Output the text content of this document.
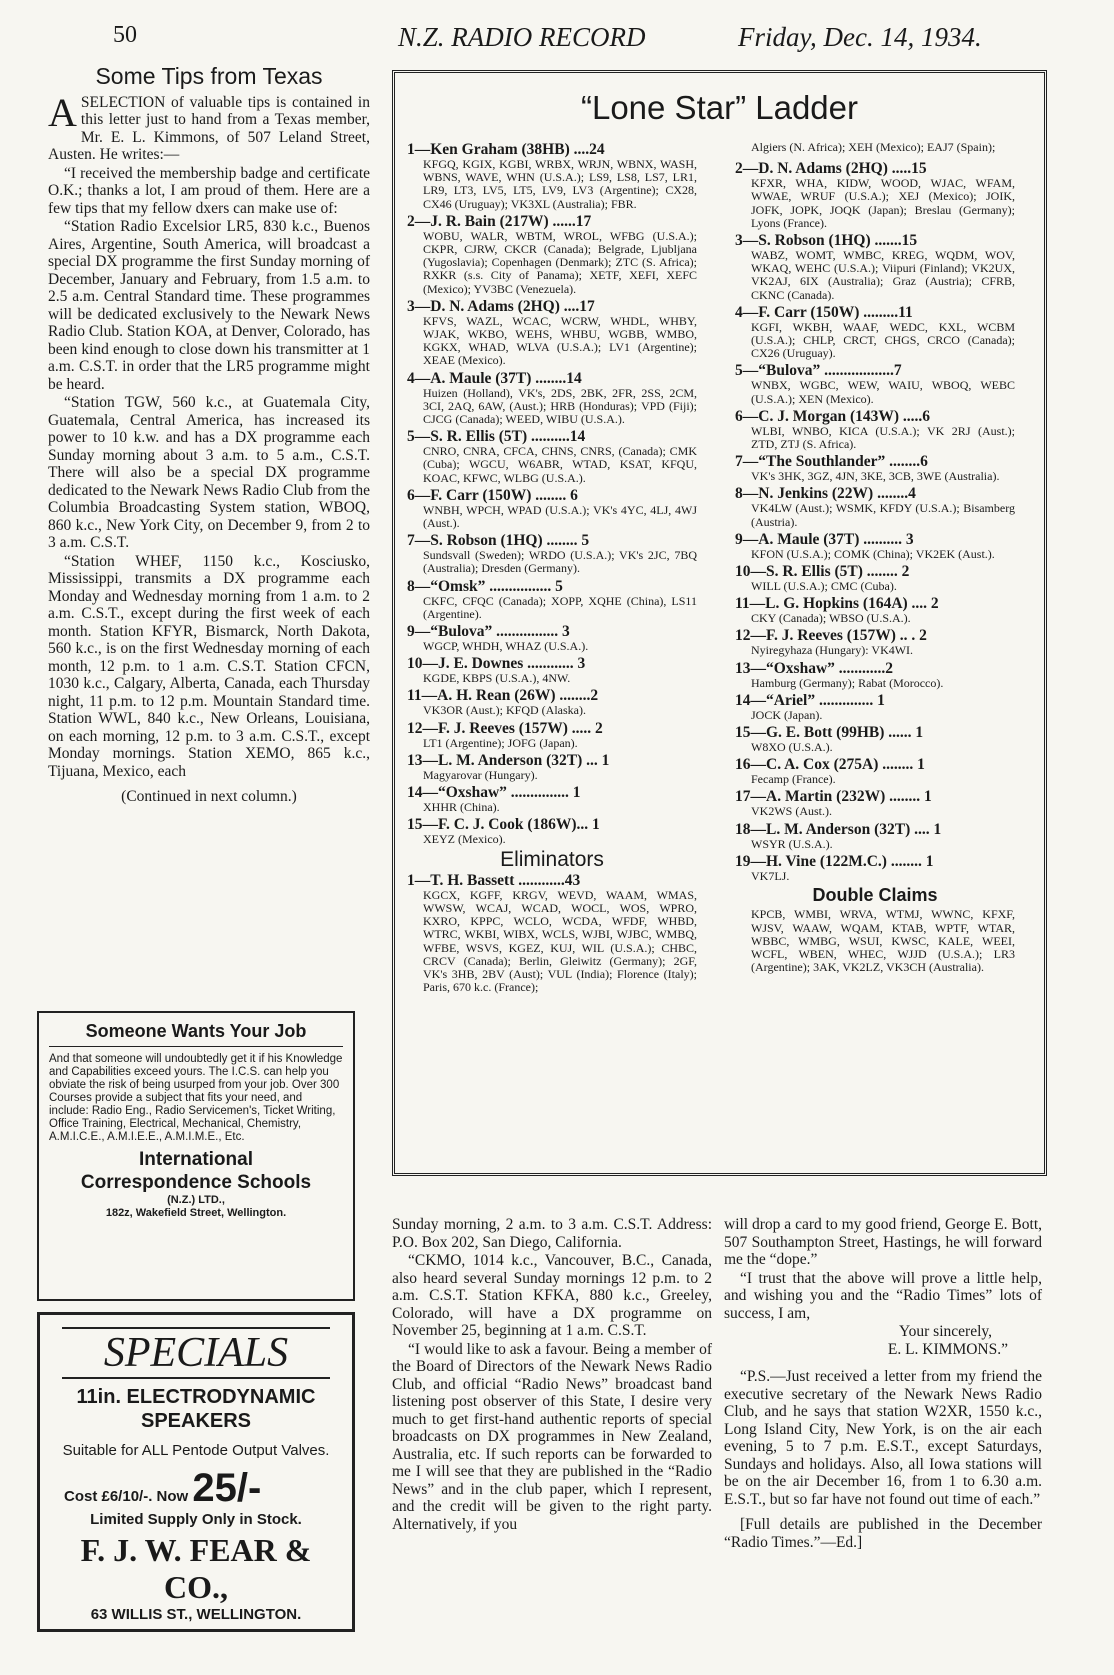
50	N.Z. RADIO RECORD	Friday, Dec. 14, 1934.
Some Tips from Texas

ASELECTION of valuable tips is contained in this letter just to hand from a Texas member, Mr. E. L. Kimmons, of 507 Leland Street, Austen. He writes:—

“I received the membership badge and certificate O.K.; thanks a lot, I am proud of them. Here are a few tips that my fellow dxers can make use of:

“Station Radio Excelsior LR5, 830 k.c., Buenos Aires, Argentine, South America, will broadcast a special DX programme the first Sunday morning of December, January and February, from 1.5 a.m. to 2.5 a.m. Central Standard time. These programmes will be dedicated exclusively to the Newark News Radio Club. Station KOA, at Denver, Colorado, has been kind enough to close down his transmitter at 1 a.m. C.S.T. in order that the LR5 programme might be heard.

“Station TGW, 560 k.c., at Guatemala City, Guatemala, Central America, has increased its power to 10 k.w. and has a DX programme each Sunday morning about 3 a.m. to 5 a.m., C.S.T. There will also be a special DX programme dedicated to the Newark News Radio Club from the Columbia Broadcasting System station, WBOQ, 860 k.c., New York City, on December 9, from 2 to 3 a.m. C.S.T.

“Station WHEF, 1150 k.c., Kosciusko, Mississippi, transmits a DX programme each Monday and Wednesday morning from 1 a.m. to 2 a.m. C.S.T., except during the first week of each month. Station KFYR, Bismarck, North Dakota, 560 k.c., is on the first Wednesday morning of each month, 12 p.m. to 1 a.m. C.S.T. Station CFCN, 1030 k.c., Calgary, Alberta, Canada, each Thursday night, 11 p.m. to 12 p.m. Mountain Standard time. Station WWL, 840 k.c., New Orleans, Louisiana, on each morning, 12 p.m. to 3 a.m. C.S.T., except Monday mornings. Station XEMO, 865 k.c., Tijuana, Mexico, each

(Continued in next column.)
Someone Wants Your Job
And that someone will undoubtedly get it if his Knowledge and Capabilities exceed yours. The I.C.S. can help you obviate the risk of being usurped from your job. Over 300 Courses provide a subject that fits your need, and include: Radio Eng., Radio Servicemen's, Ticket Writing, Office Training, Electrical, Mechanical, Chemistry, A.M.I.C.E., A.M.I.E.E., A.M.I.M.E., Etc.
International
Correspondence Schools
(N.Z.) LTD.,
182z, Wakefield Street, Wellington.
SPECIALS
11in. ELECTRODYNAMIC
SPEAKERS
Suitable for ALL Pentode Output Valves.
Cost £6/10/-. Now 25/-
Limited Supply Only in Stock.
F. J. W. FEAR & CO.,
63 WILLIS ST., WELLINGTON.
“Lone Star” Ladder
1—Ken Graham (38HB) ....24
KFGQ, KGIX, KGBI, WRBX, WRJN, WBNX, WASH, WBNS, WAVE, WHN (U.S.A.); LS9, LS8, LS7, LR1, LR9, LT3, LV5, LT5, LV9, LV3 (Argentine); CX28, CX46 (Uruguay); VK3XL (Australia); FBR.
2—J. R. Bain (217W) ......17
WOBU, WALR, WBTM, WROL, WFBG (U.S.A.); CKPR, CJRW, CKCR (Canada); Belgrade, Ljubljana (Yugoslavia); Copenhagen (Denmark); ZTC (S. Africa); RXKR (s.s. City of Panama); XETF, XEFI, XEFC (Mexico); YV3BC (Venezuela).
3—D. N. Adams (2HQ) ....17
KFVS, WAZL, WCAC, WCRW, WHDL, WHBY, WJAK, WKBO, WEHS, WHBU, WGBB, WMBO, KGKX, WHAD, WLVA (U.S.A.); LV1 (Argentine); XEAE (Mexico).
4—A. Maule (37T) ........14
Huizen (Holland), VK's, 2DS, 2BK, 2FR, 2SS, 2CM, 3CI, 2AQ, 6AW, (Aust.); HRB (Honduras); VPD (Fiji); CJCG (Canada); WEED, WIBU (U.S.A.).
5—S. R. Ellis (5T) ..........14
CNRO, CNRA, CFCA, CHNS, CNRS, (Canada); CMK (Cuba); WGCU, W6ABR, WTAD, KSAT, KFQU, KOAC, KFWC, WLBG (U.S.A.).
6—F. Carr (150W) ........ 6
WNBH, WPCH, WPAD (U.S.A.); VK's 4YC, 4LJ, 4WJ (Aust.).
7—S. Robson (1HQ) ........ 5
Sundsvall (Sweden); WRDO (U.S.A.); VK's 2JC, 7BQ (Australia); Dresden (Germany).
8—“Omsk” ................ 5
CKFC, CFQC (Canada); XOPP, XQHE (China), LS11 (Argentine).
9—“Bulova” ................ 3
WGCP, WHDH, WHAZ (U.S.A.).
10—J. E. Downes ............ 3
KGDE, KBPS (U.S.A.), 4NW.
11—A. H. Rean (26W) ........2
VK3OR (Aust.); KFQD (Alaska).
12—F. J. Reeves (157W) ..... 2
LT1 (Argentine); JOFG (Japan).
13—L. M. Anderson (32T) ... 1
Magyarovar (Hungary).
14—“Oxshaw” ............... 1
XHHR (China).
15—F. C. J. Cook (186W)... 1
XEYZ (Mexico).
Eliminators
1—T. H. Bassett ............43
KGCX, KGFF, KRGV, WEVD, WAAM, WMAS, WWSW, WCAJ, WCAD, WOCL, WOS, WPRO, KXRO, KPPC, WCLO, WCDA, WFDF, WHBD, WTRC, WKBI, WIBX, WCLS, WJBI, WJBC, WMBQ, WFBE, WSVS, KGEZ, KUJ, WIL (U.S.A.); CHBC, CRCV (Canada); Berlin, Gleiwitz (Germany); 2GF, VK's 3HB, 2BV (Aust); VUL (India); Florence (Italy); Paris, 670 k.c. (France);
Algiers (N. Africa); XEH (Mexico); EAJ7 (Spain);
2—D. N. Adams (2HQ) .....15
KFXR, WHA, KIDW, WOOD, WJAC, WFAM, WWAE, WRUF (U.S.A.); XEJ (Mexico); JOIK, JOFK, JOPK, JOQK (Japan); Breslau (Germany); Lyons (France).
3—S. Robson (1HQ) .......15
WABZ, WOMT, WMBC, KREG, WQDM, WOV, WKAQ, WEHC (U.S.A.); Viipuri (Finland); VK2UX, VK2AJ, 6IX (Australia); Graz (Austria); CFRB, CKNC (Canada).
4—F. Carr (150W) .........11
KGFI, WKBH, WAAF, WEDC, KXL, WCBM (U.S.A.); CHLP, CRCT, CHGS, CRCO (Canada); CX26 (Uruguay).
5—“Bulova” ..................7
WNBX, WGBC, WEW, WAIU, WBOQ, WEBC (U.S.A.); XEN (Mexico).
6—C. J. Morgan (143W) .....6
WLBI, WNBO, KICA (U.S.A.); VK 2RJ (Aust.); ZTD, ZTJ (S. Africa).
7—“The Southlander” ........6
VK's 3HK, 3GZ, 4JN, 3KE, 3CB, 3WE (Australia).
8—N. Jenkins (22W) ........4
VK4LW (Aust.); WSMK, KFDY (U.S.A.); Bisamberg (Austria).
9—A. Maule (37T) .......... 3
KFON (U.S.A.); COMK (China); VK2EK (Aust.).
10—S. R. Ellis (5T) ........ 2
WILL (U.S.A.); CMC (Cuba).
11—L. G. Hopkins (164A) .... 2
CKY (Canada); WBSO (U.S.A.).
12—F. J. Reeves (157W) .. . 2
Nyiregyhaza (Hungary): VK4WI.
13—“Oxshaw” ............2
Hamburg (Germany); Rabat (Morocco).
14—“Ariel” .............. 1
JOCK (Japan).
15—G. E. Bott (99HB) ...... 1
W8XO (U.S.A.).
16—C. A. Cox (275A) ........ 1
Fecamp (France).
17—A. Martin (232W) ........ 1
VK2WS (Aust.).
18—L. M. Anderson (32T) .... 1
WSYR (U.S.A.).
19—H. Vine (122M.C.) ........ 1
VK7LJ.
Double Claims
KPCB, WMBI, WRVA, WTMJ, WWNC, KFXF, WJSV, WAAW, WQAM, KTAB, WPTF, WTAR, WBBC, WMBG, WSUI, KWSC, KALE, WEEI, WCFL, WBEN, WHEC, WJJD (U.S.A.); LR3 (Argentine); 3AK, VK2LZ, VK3CH (Australia).

Sunday morning, 2 a.m. to 3 a.m. C.S.T. Address: P.O. Box 202, San Diego, California.

“CKMO, 1014 k.c., Vancouver, B.C., Canada, also heard several Sunday mornings 12 p.m. to 2 a.m. C.S.T. Station KFKA, 880 k.c., Greeley, Colorado, will have a DX programme on November 25, beginning at 1 a.m. C.S.T.

“I would like to ask a favour. Being a member of the Board of Directors of the Newark News Radio Club, and official “Radio News” broadcast band listening post observer of this State, I desire very much to get first-hand authentic reports of special broadcasts on DX programmes in New Zealand, Australia, etc. If such reports can be forwarded to me I will see that they are published in the “Radio News” and in the club paper, which I represent, and the credit will be given to the right party. Alternatively, if you

will drop a card to my good friend, George E. Bott, 507 Southampton Street, Hastings, he will forward me the “dope.”

“I trust that the above will prove a little help, and wishing you and the “Radio Times” lots of success, I am,

Your sincerely,
E. L. KIMMONS.”

“P.S.—Just received a letter from my friend the executive secretary of the Newark News Radio Club, and he says that station W2XR, 1550 k.c., Long Island City, New York, is on the air each evening, 5 to 7 p.m. E.S.T., except Saturdays, Sundays and holidays. Also, all Iowa stations will be on the air December 16, from 1 to 6.30 a.m. E.S.T., but so far have not found out time of each.”

[Full details are published in the December “Radio Times.”—Ed.]
